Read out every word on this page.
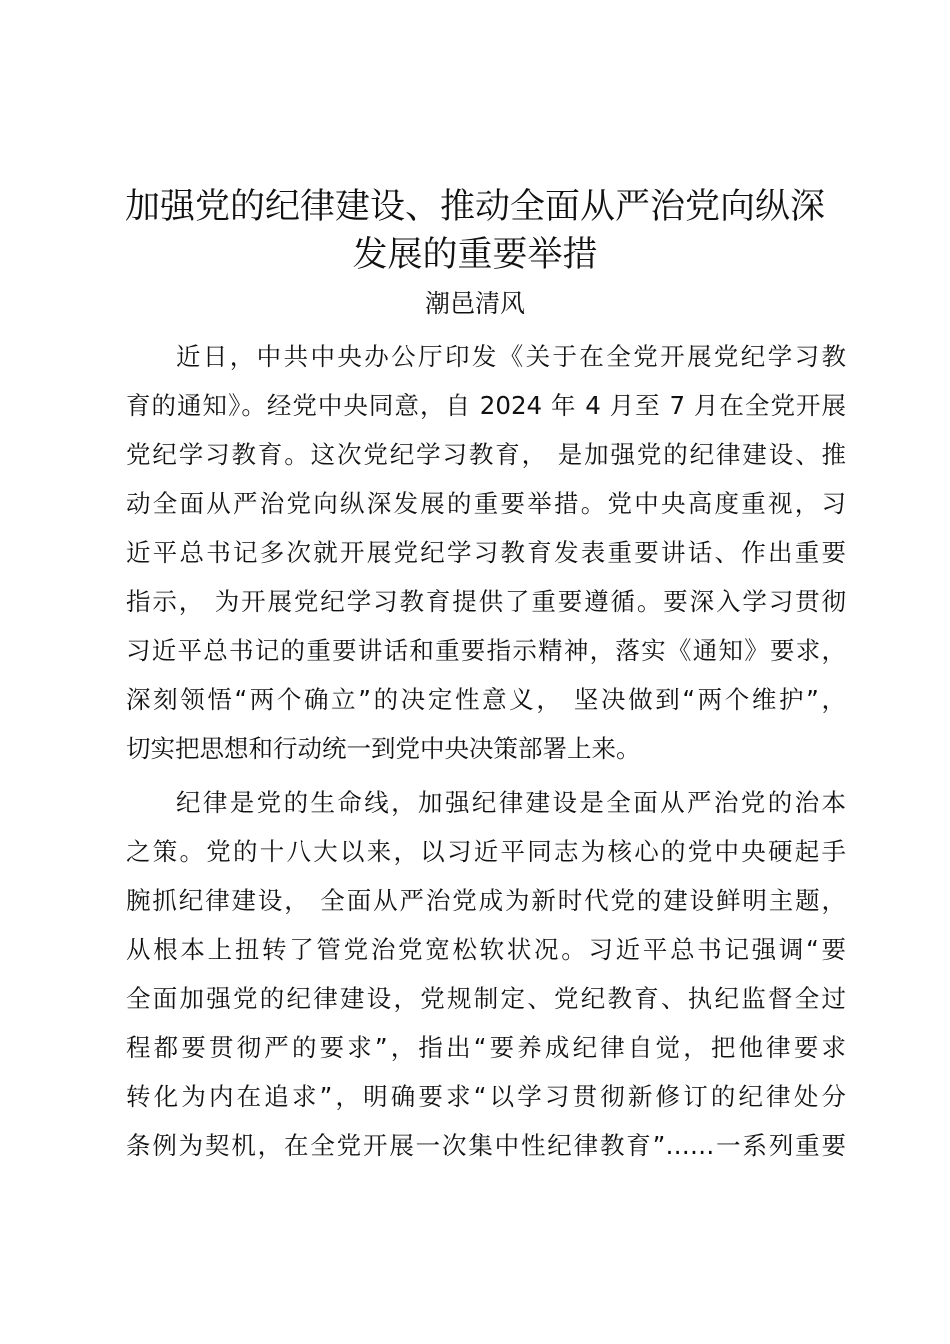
加强党的纪律建设、推动全面从严治党向纵深
发展的重要举措
潮邑清风
近日，中共中央办公厅印发《关于在全党开展党纪学习教
育的通知》。经党中央同意，自 2024 年 4 月至 7 月在全党开展
党纪学习教育。这次党纪学习教育， 是加强党的纪律建设、推
动全面从严治党向纵深发展的重要举措。党中央高度重视，习
近平总书记多次就开展党纪学习教育发表重要讲话、作出重要
指示， 为开展党纪学习教育提供了重要遵循。要深入学习贯彻
习近平总书记的重要讲话和重要指示精神，落实《通知》要求，
深刻领悟“两个确立”的决定性意义， 坚决做到“两个维护”，
切实把思想和行动统一到党中央决策部署上来。
纪律是党的生命线，加强纪律建设是全面从严治党的治本
之策。党的十八大以来，以习近平同志为核心的党中央硬起手
腕抓纪律建设， 全面从严治党成为新时代党的建设鲜明主题，
从根本上扭转了管党治党宽松软状况。习近平总书记强调“要
全面加强党的纪律建设，党规制定、党纪教育、执纪监督全过
程都要贯彻严的要求”，指出“要养成纪律自觉，把他律要求
转化为内在追求”，明确要求“以学习贯彻新修订的纪律处分
条例为契机，在全党开展一次集中性纪律教育”……一系列重要
